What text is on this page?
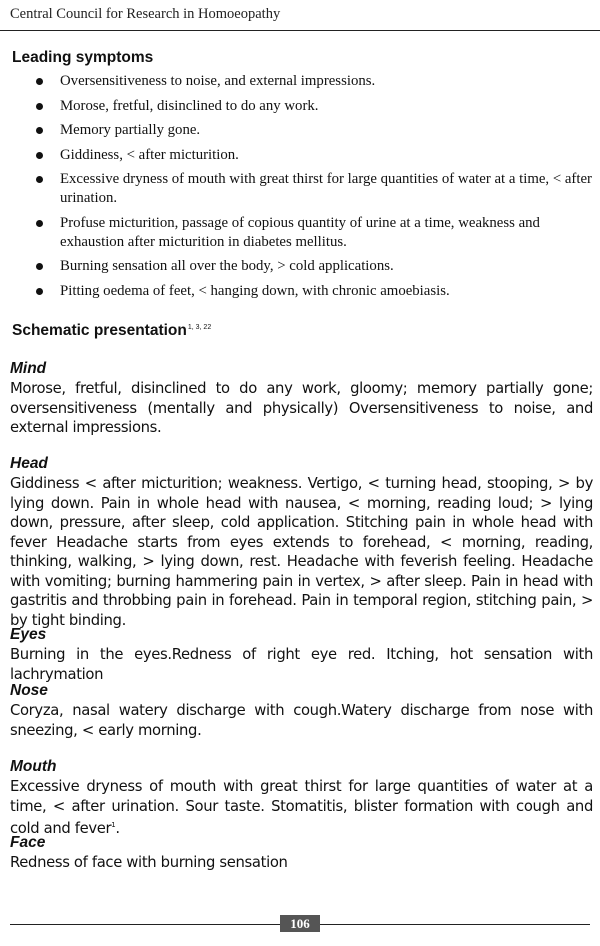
Central Council for Research in Homoeopathy
Leading symptoms
Oversensitiveness to noise, and external impressions.
Morose, fretful, disinclined to do any work.
Memory partially gone.
Giddiness, < after micturition.
Excessive dryness of mouth with great thirst for large quantities of water at a time, < after urination.
Profuse micturition, passage of copious quantity of urine at a time, weakness and exhaustion after micturition in diabetes mellitus.
Burning sensation all over the body, > cold applications.
Pitting oedema of feet, < hanging down, with chronic amoebiasis.
Schematic presentation$^{1, 3, 22}$
Mind

Morose, fretful, disinclined to do any work, gloomy; memory partially gone; oversensitiveness (mentally and physically) Oversensitiveness to noise, and external impressions.

Head

Giddiness < after micturition; weakness. Vertigo, < turning head, stooping, > by lying down. Pain in whole head with nausea, < morning, reading loud; > lying down, pressure, after sleep, cold application. Stitching pain in whole head with fever Headache starts from eyes extends to forehead, < morning, reading, thinking, walking, > lying down, rest. Headache with feverish feeling. Headache with vomiting; burning hammering pain in vertex, > after sleep. Pain in head with gastritis and throbbing pain in forehead. Pain in temporal region, stitching pain, > by tight binding.

Eyes

Burning in the eyes.Redness of right eye red. Itching, hot sensation with lachrymation

Nose

Coryza, nasal watery discharge with cough.Watery discharge from nose with sneezing, < early morning.

Mouth

Excessive dryness of mouth with great thirst for large quantities of water at a time, < after urination. Sour taste. Stomatitis, blister formation with cough and cold and fever$^1$.

Face

Redness of face with burning sensation

106
